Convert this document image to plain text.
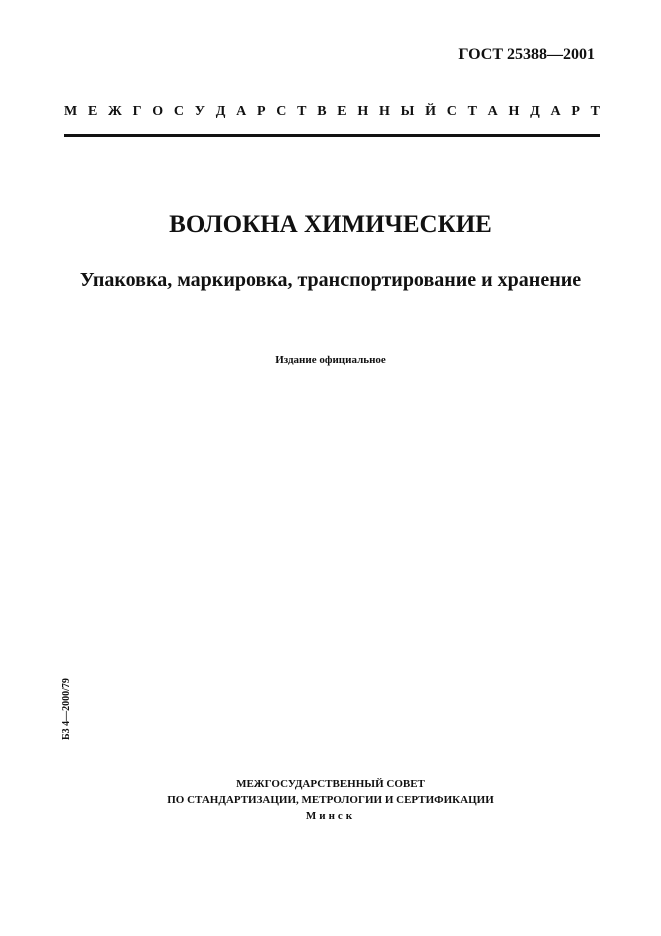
ГОСТ 25388—2001
М Е Ж Г О С У Д А Р С Т В Е Н Н Ы Й С Т А Н Д А Р Т
ВОЛОКНА ХИМИЧЕСКИЕ
Упаковка, маркировка, транспортирование и хранение
Издание официальное
Б3 4—2000/79
МЕЖГОСУДАРСТВЕННЫЙ СОВЕТ
ПО СТАНДАРТИЗАЦИИ, МЕТРОЛОГИИ И СЕРТИФИКАЦИИ
Минск
